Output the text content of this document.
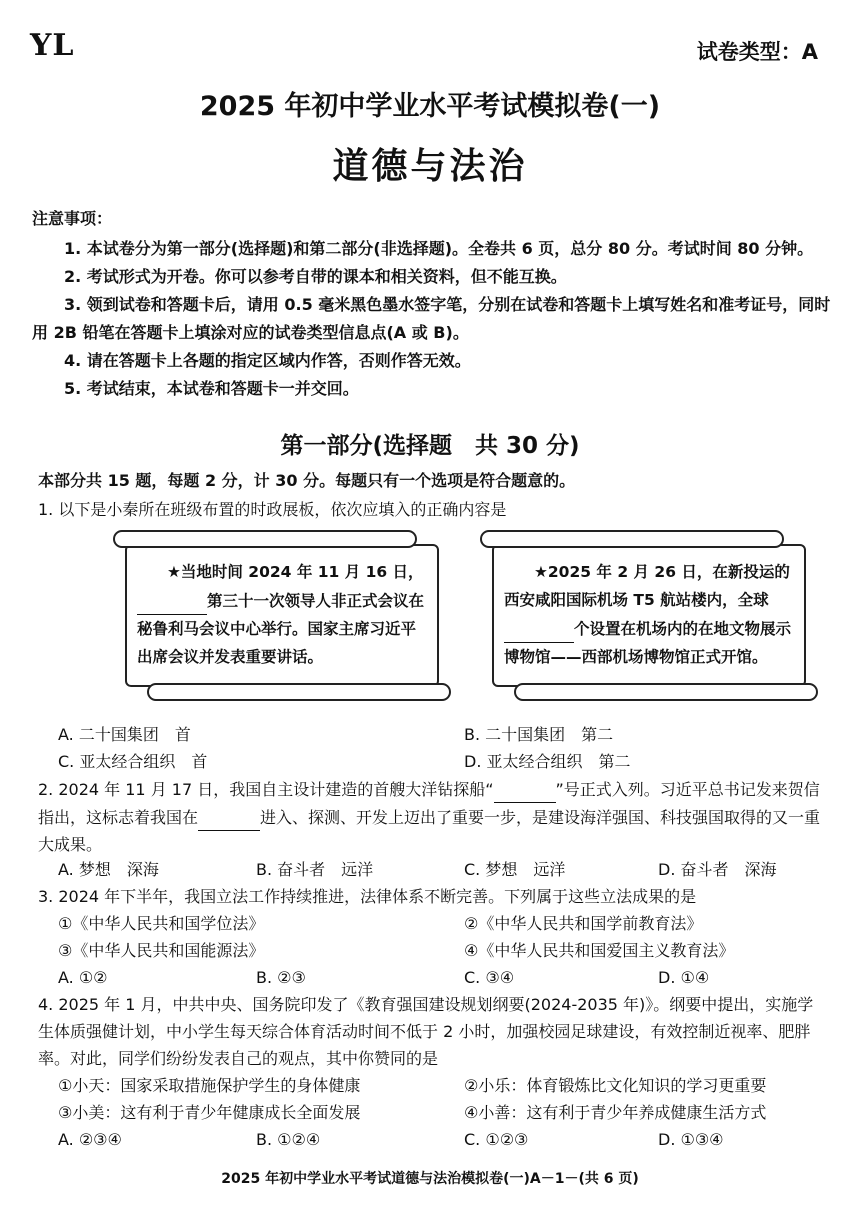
YL	试卷类型：A
2025 年初中学业水平考试模拟卷(一)
道德与法治
注意事项：

1. 本试卷分为第一部分(选择题)和第二部分(非选择题)。全卷共 6 页，总分 80 分。考试时间 80 分钟。

2. 考试形式为开卷。你可以参考自带的课本和相关资料，但不能互换。

3. 领到试卷和答题卡后，请用 0.5 毫米黑色墨水签字笔，分别在试卷和答题卡上填写姓名和准考证号，同时用 2B 铅笔在答题卡上填涂对应的试卷类型信息点(A 或 B)。

4. 请在答题卡上各题的指定区域内作答，否则作答无效。

5. 考试结束，本试卷和答题卡一并交回。

第一部分(选择题　共 30 分)
本部分共 15 题，每题 2 分，计 30 分。每题只有一个选项是符合题意的。
1. 以下是小秦所在班级布置的时政展板，依次应填入的正确内容是

★当地时间 2024 年 11 月 16 日， 第三十一次领导人非正式会议在秘鲁利马会议中心举行。国家主席习近平出席会议并发表重要讲话。

★2025 年 2 月 26 日，在新投运的西安咸阳国际机场 T5 航站楼内，全球 个设置在机场内的在地文物展示博物馆——西部机场博物馆正式开馆。

A. 二十国集团　首	B. 二十国集团　第二
C. 亚太经合组织　首	D. 亚太经合组织　第二
2. 2024 年 11 月 17 日，我国自主设计建造的首艘大洋钻探船“	”号正式入列。习近平总书记发来贺信指出，这标志着我国在	进入、探测、开发上迈出了重要一步，是建设海洋强国、科技强国取得的又一重大成果。
A. 梦想　深海	B. 奋斗者　远洋	C. 梦想　远洋	D. 奋斗者　深海
3. 2024 年下半年，我国立法工作持续推进，法律体系不断完善。下列属于这些立法成果的是
①《中华人民共和国学位法》	②《中华人民共和国学前教育法》
③《中华人民共和国能源法》	④《中华人民共和国爱国主义教育法》
A. ①②	B. ②③	C. ③④	D. ①④
4. 2025 年 1 月，中共中央、国务院印发了《教育强国建设规划纲要(2024-2035 年)》。纲要中提出，实施学生体质强健计划，中小学生每天综合体育活动时间不低于 2 小时，加强校园足球建设，有效控制近视率、肥胖率。对此，同学们纷纷发表自己的观点，其中你赞同的是
①小天：国家采取措施保护学生的身体健康	②小乐：体育锻炼比文化知识的学习更重要
③小美：这有利于青少年健康成长全面发展	④小善：这有利于青少年养成健康生活方式
A. ②③④	B. ①②④	C. ①②③	D. ①③④
2025 年初中学业水平考试道德与法治模拟卷(一)A－1－(共 6 页)
